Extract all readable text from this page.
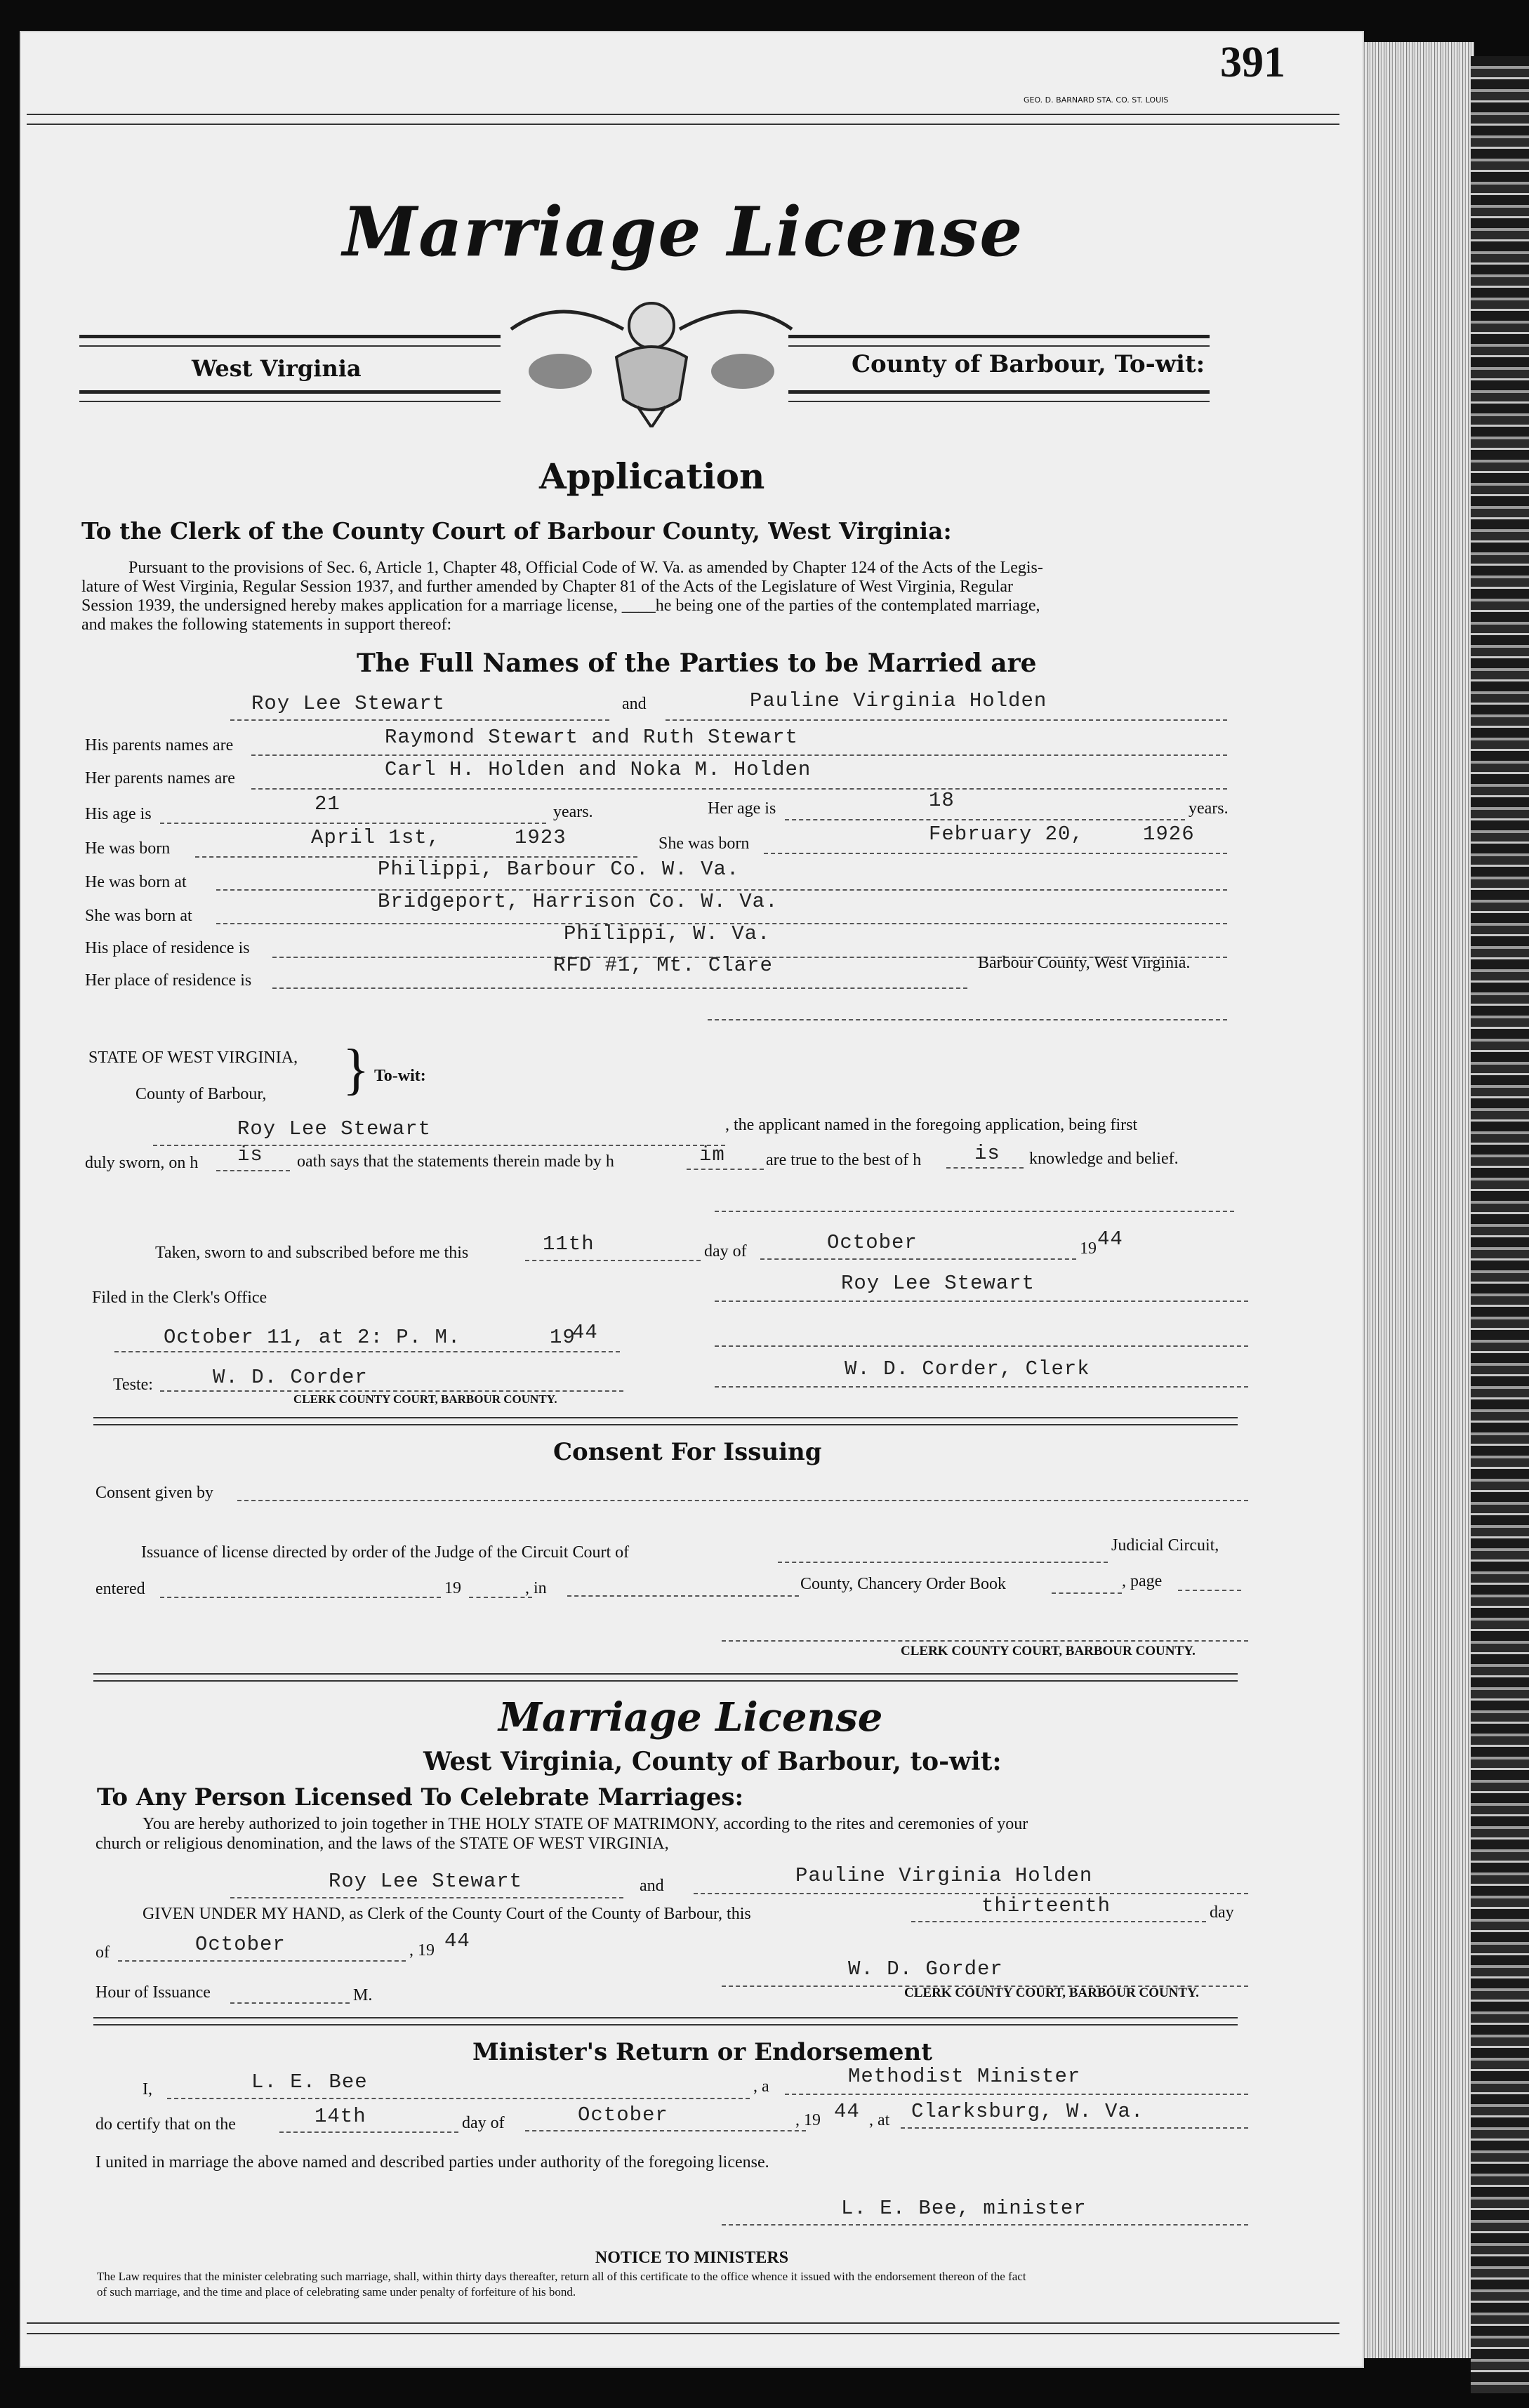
391
GEO. D. BARNARD STA. CO. ST. LOUIS
Marriage License
West Virginia	County of Barbour, To-wit:
Application
To the Clerk of the County Court of Barbour County, West Virginia:
Pursuant to the provisions of Sec. 6, Article 1, Chapter 48, Official Code of W. Va. as amended by Chapter 124 of the Acts of the Legis-
lature of West Virginia, Regular Session 1937, and further amended by Chapter 81 of the Acts of the Legislature of West Virginia, Regular
Session 1939, the undersigned hereby makes application for a marriage license, ____he being one of the parties of the contemplated marriage,
and makes the following statements in support thereof:
The Full Names of the Parties to be Married are
Roy Lee Stewart	and	Pauline Virginia Holden
His parents names are	Raymond Stewart and Ruth Stewart
Her parents names are	Carl H. Holden and Noka M. Holden
His age is	21	years.	Her age is	18	years.
He was born	April 1st,	1923	She was born	February 20,	1926
He was born at
Philippi, Barbour Co. W. Va.
She was born at
Bridgeport, Harrison Co. W. Va.
His place of residence is
Philippi, W. Va.
Her place of residence is
RFD #1, Mt. Clare	Barbour County, West Virginia.
STATE OF WEST VIRGINIA,
County of Barbour, } To-wit:
Roy Lee Stewart	, the applicant named in the foregoing application, being first
duly sworn, on h is oath says that the statements therein made by h	im are true to the best of h	is knowledge and belief.
Taken, sworn to and subscribed before me this	11th	day of	October	19 44
Roy Lee Stewart
Filed in the Clerk's Office
October 11, at 2: P. M.	19
44
Teste:	W. D. Corder
CLERK COUNTY COURT, BARBOUR COUNTY.
W. D. Corder, Clerk
Consent For Issuing
Consent given by
Issuance of license directed by order of the Judge of the Circuit Court of	Judicial Circuit,
entered	19	, in	County, Chancery Order Book	, page
CLERK COUNTY COURT, BARBOUR COUNTY.
Marriage License
West Virginia, County of Barbour, to-wit:
To Any Person Licensed To Celebrate Marriages:
You are hereby authorized to join together in THE HOLY STATE OF MATRIMONY, according to the rites and ceremonies of your
church or religious denomination, and the laws of the STATE OF WEST VIRGINIA,
Roy Lee Stewart	and	Pauline Virginia Holden
GIVEN UNDER MY HAND, as Clerk of the County Court of the County of Barbour, this	thirteenth	day
of	October	, 19 44
W. D. Gorder
Hour of Issuance	M.	CLERK COUNTY COURT, BARBOUR COUNTY.
Minister's Return or Endorsement
I,	L. E. Bee	, a	Methodist Minister
do certify that on the	14th	day of	October	, 19 44 , at Clarksburg, W. Va.
I united in marriage the above named and described parties under authority of the foregoing license.
L. E. Bee, minister
NOTICE TO MINISTERS
The Law requires that the minister celebrating such marriage, shall, within thirty days thereafter, return all of this certificate to the office whence it issued with the endorsement thereon of the fact
of such marriage, and the time and place of celebrating same under penalty of forfeiture of his bond.
